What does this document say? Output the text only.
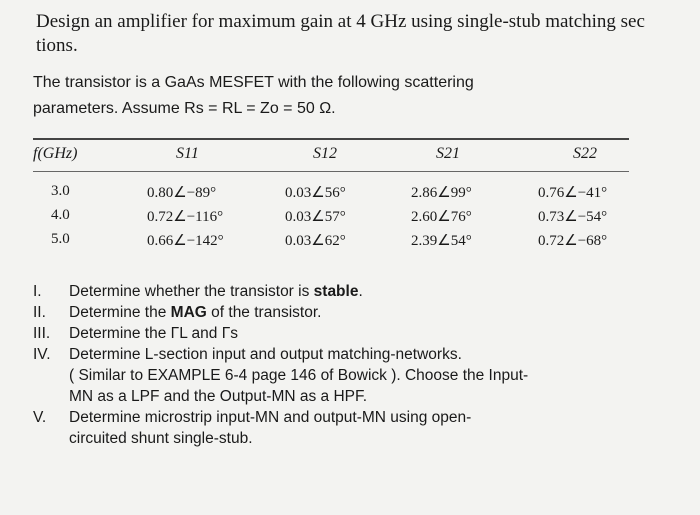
Design an amplifier for maximum gain at 4 GHz using single-stub matching sec
tions.
The transistor is a GaAs MESFET with the following scattering
parameters. Assume Rs = RL = Zo = 50 Ω.
f(GHz)	S11	S12	S21	S22
3.0	0.80∠−89°	0.03∠56°	2.86∠99°	0.76∠−41°
4.0	0.72∠−116°	0.03∠57°	2.60∠76°	0.73∠−54°
5.0	0.66∠−142°	0.03∠62°	2.39∠54°	0.72∠−68°
I.	Determine whether the transistor is stable.
II.	Determine the MAG of the transistor.
III.	Determine the ΓL and Γs
IV.	Determine L-section input and output matching-networks.
( Similar to EXAMPLE 6-4 page 146 of Bowick ). Choose the Input-
MN as a LPF and the Output-MN as a HPF.
V.	Determine microstrip input-MN and output-MN using open-
circuited shunt single-stub.
